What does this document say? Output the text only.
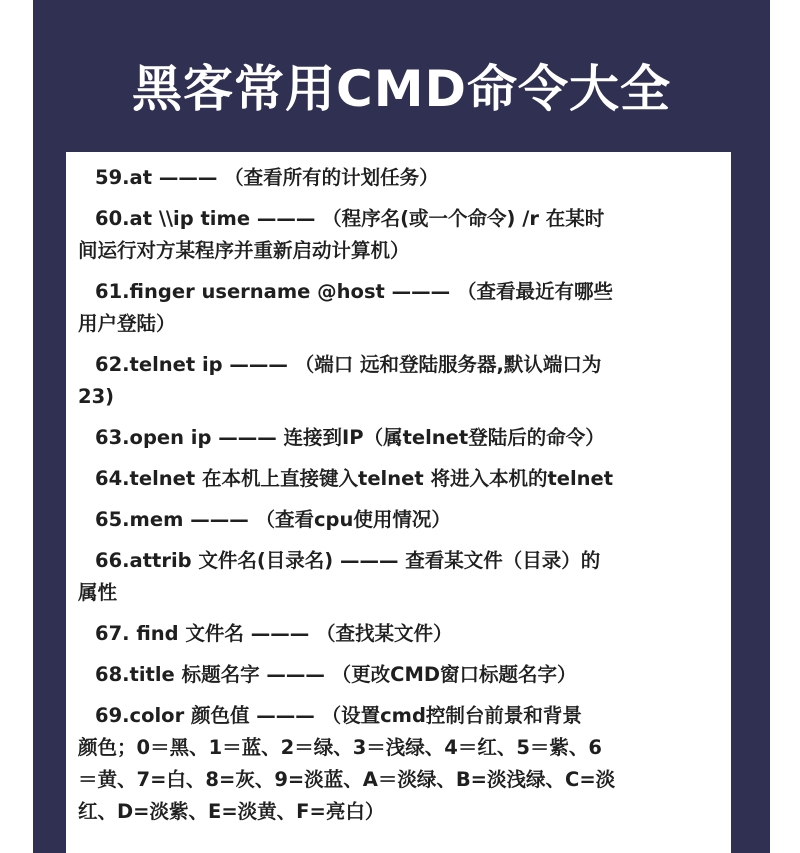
黑客常用CMD命令大全
59.at ——— （查看所有的计划任务）
60.at \\ip time ——— （程序名(或一个命令) /r 在某时
间运行对方某程序并重新启动计算机）
61.finger username @host ——— （查看最近有哪些
用户登陆）
62.telnet ip ——— （端口 远和登陆服务器,默认端口为
23)
63.open ip ——— 连接到IP（属telnet登陆后的命令）
64.telnet 在本机上直接键入telnet 将进入本机的telnet
65.mem ——— （查看cpu使用情况）
66.attrib 文件名(目录名) ——— 查看某文件（目录）的
属性
67. find 文件名 ——— （查找某文件）
68.title 标题名字 ——— （更改CMD窗口标题名字）
69.color 颜色值 ——— （设置cmd控制台前景和背景
颜色；0＝黑、1＝蓝、2＝绿、3＝浅绿、4＝红、5＝紫、6
＝黄、7=白、8=灰、9=淡蓝、A＝淡绿、B=淡浅绿、C=淡
红、D=淡紫、E=淡黄、F=亮白）
